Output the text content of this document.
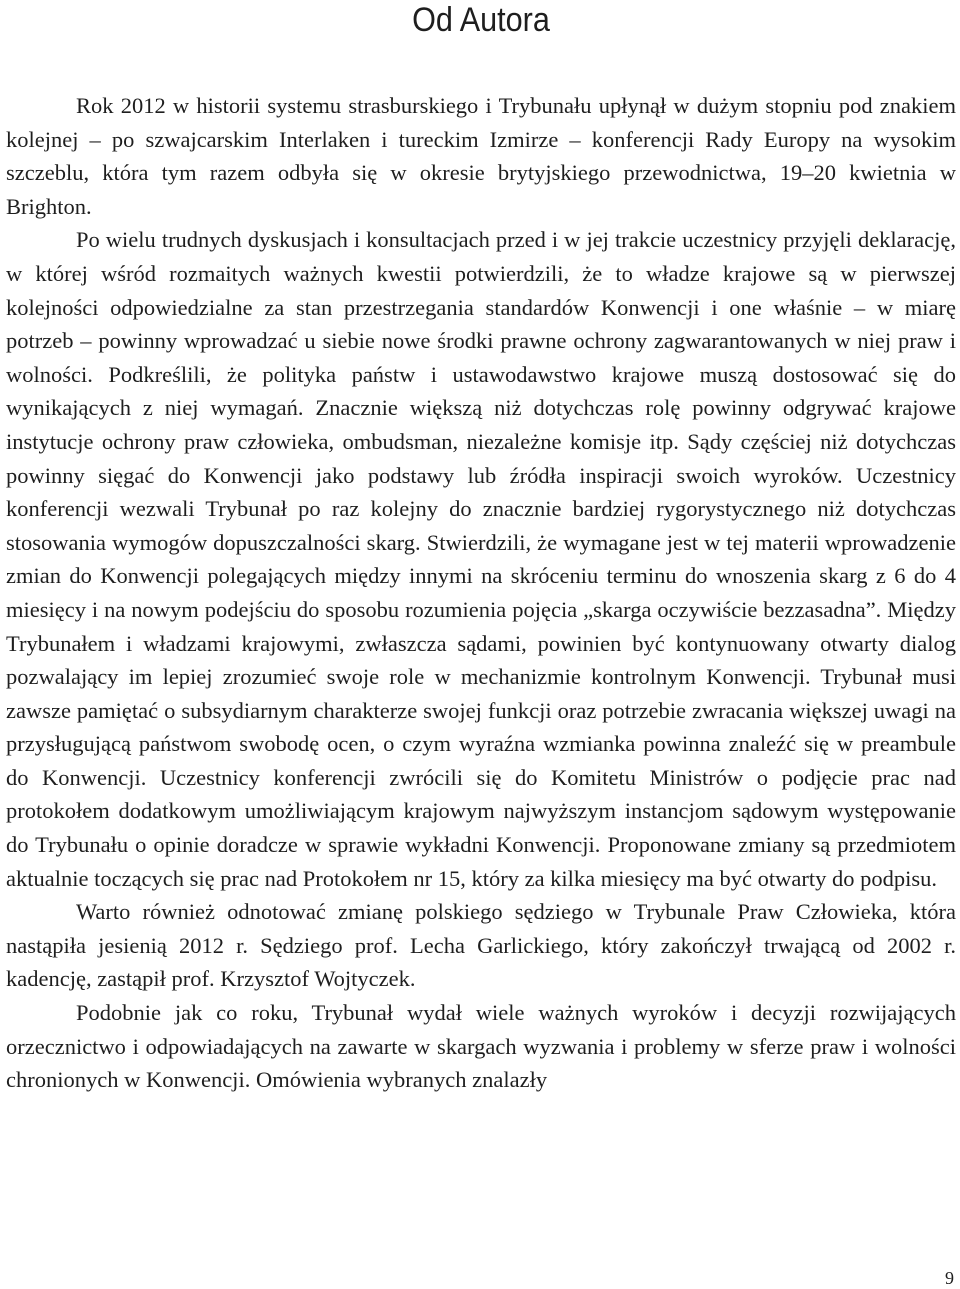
Od Autora

Rok 2012 w historii systemu strasburskiego i Trybunału upłynął w dużym stopniu pod znakiem kolejnej – po szwajcarskim Interlaken i tureckim Izmirze – konferencji Rady Europy na wysokim szczeblu, która tym razem odbyła się w okresie brytyjskiego przewodnictwa, 19–20 kwietnia w Brighton.

Po wielu trudnych dyskusjach i konsultacjach przed i w jej trakcie uczestnicy przyjęli deklarację, w której wśród rozmaitych ważnych kwestii potwierdzili, że to władze krajowe są w pierwszej kolejności odpowiedzialne za stan przestrzegania standardów Konwencji i one właśnie – w miarę potrzeb – powinny wprowadzać u siebie nowe środki prawne ochrony zagwarantowanych w niej praw i wolności. Podkreślili, że polityka państw i ustawodawstwo krajowe muszą dostosować się do wynikających z niej wymagań. Znacznie większą niż dotychczas rolę powinny odgrywać krajowe instytucje ochrony praw człowieka, ombudsman, niezależne komisje itp. Sądy częściej niż dotychczas powinny sięgać do Konwencji jako podstawy lub źródła inspiracji swoich wyroków. Uczestnicy konferencji wezwali Trybunał po raz kolejny do znacznie bardziej rygorystycznego niż dotychczas stosowania wymogów dopuszczalności skarg. Stwierdzili, że wymagane jest w tej materii wprowadzenie zmian do Konwencji polegających między innymi na skróceniu terminu do wnoszenia skarg z 6 do 4 miesięcy i na nowym podejściu do sposobu rozumienia pojęcia „skarga oczywiście bezzasadna”. Między Trybunałem i władzami krajowymi, zwłaszcza sądami, powinien być kontynuowany otwarty dialog pozwalający im lepiej zrozumieć swoje role w mechanizmie kontrolnym Konwencji. Trybunał musi zawsze pamiętać o subsydiarnym charakterze swojej funkcji oraz potrzebie zwracania większej uwagi na przysługującą państwom swobodę ocen, o czym wyraźna wzmianka powinna znaleźć się w preambule do Konwencji. Uczestnicy konferencji zwrócili się do Komitetu Ministrów o podjęcie prac nad protokołem dodatkowym umożliwiającym krajowym najwyższym instancjom sądowym występowanie do Trybunału o opinie doradcze w sprawie wykładni Konwencji. Proponowane zmiany są przedmiotem aktualnie toczących się prac nad Protokołem nr 15, który za kilka miesięcy ma być otwarty do podpisu.

Warto również odnotować zmianę polskiego sędziego w Trybunale Praw Człowieka, która nastąpiła jesienią 2012 r. Sędziego prof. Lecha Garlickiego, który zakończył trwającą od 2002 r. kadencję, zastąpił prof. Krzysztof Wojtyczek.

Podobnie jak co roku, Trybunał wydał wiele ważnych wyroków i decyzji rozwijających orzecznictwo i odpowiadających na zawarte w skargach wyzwania i problemy w sferze praw i wolności chronionych w Konwencji. Omówienia wybranych znalazły

9
